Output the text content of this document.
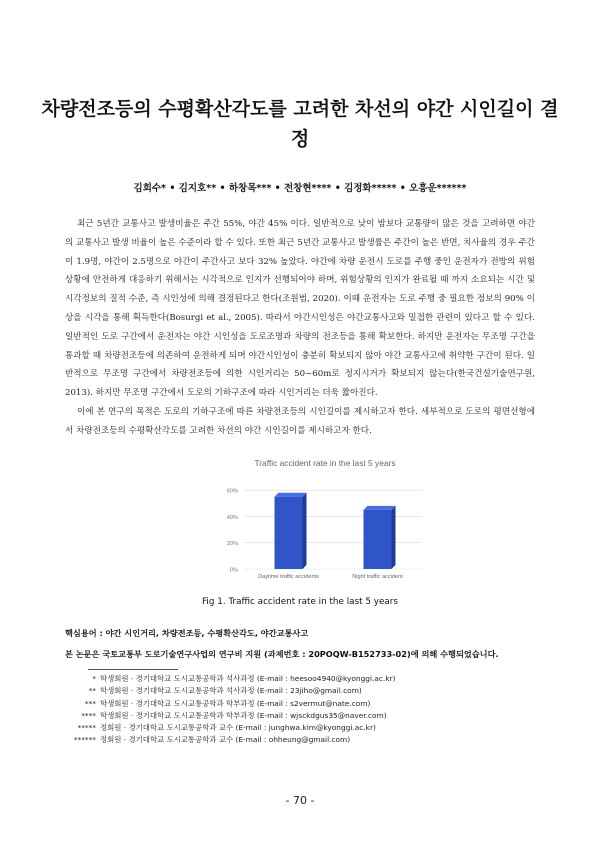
차량전조등의 수평확산각도를 고려한 차선의 야간 시인길이 결정
김희수* • 김지호** • 하창목*** • 전창현**** • 김정화***** • 오흥운******

최근 5년간 교통사고 발생비율은 주간 55%, 야간 45% 이다. 일반적으로 낮이 밤보다 교통량이 많은 것을 고려하면 야간의 교통사고 발생 비율이 높은 수준이라 할 수 있다. 또한 최근 5년간 교통사고 발생률은 주간이 높은 반면, 치사율의 경우 주간이 1.9명, 야간이 2.5명으로 야간이 주간사고 보다 32% 높았다. 야간에 차량 운전시 도로를 주행 중인 운전자가 전방의 위험상황에 안전하게 대응하기 위해서는 시각적으로 인지가 선행되어야 하며, 위험상황의 인지가 완료될 때 까지 소요되는 시간 및 시각정보의 질적 수준, 즉 시인성에 의해 결정된다고 한다(조원범, 2020). 이때 운전자는 도로 주행 중 필요한 정보의 90% 이상을 시각을 통해 획득한다(Bosurgi et al., 2005). 따라서 야간시인성은 야간교통사고와 밀접한 관련이 있다고 할 수 있다. 일반적인 도로 구간에서 운전자는 야간 시인성을 도로조명과 차량의 전조등을 통해 확보한다. 하지만 운전자는 무조명 구간을 통과할 때 차량전조등에 의존하여 운전하게 되며 야간시인성이 충분히 확보되지 않아 야간 교통사고에 취약한 구간이 된다. 일반적으로 무조명 구간에서 차량전조등에 의한 시인거리는 50~60m로 정지시거가 확보되지 않는다(한국건설기술연구원, 2013). 하지만 무조명 구간에서 도로의 기하구조에 따라 시인거리는 더욱 짧아진다.

이에 본 연구의 목적은 도로의 기하구조에 따른 차량전조등의 시인길이를 제시하고자 한다. 세부적으로 도로의 평면선형에서 차량전조등의 수평확산각도를 고려한 차선의 야간 시인길이를 제시하고자 한다.

Traffic accident rate in the last 5 years
0%
20%
40%
60%
Daytime traffic accidents	Night traffic accident
Fig 1. Traffic accident rate in the last 5 years
핵심용어 : 야간 시인거리, 차량전조등, 수평확산각도, 야간교통사고
본 논문은 국토교통부 도로기술연구사업의 연구비 지원 (과제번호 : 20POQW-B152733-02)에 의해 수행되었습니다.
* 학생회원 · 경기대학교 도시교통공학과 석사과정 (E-mail : heesoo4940@kyonggi.ac.kr)
** 학생회원 · 경기대학교 도시교통공학과 석사과정 (E-mail : 23jiho@gmail.com)
*** 학생회원 · 경기대학교 도시교통공학과 학부과정 (E-mail : s2vermut@nate.com)
**** 학생회원 · 경기대학교 도시교통공학과 학부과정 (E-mail : wjsckdgus35@naver.com)
***** 정회원 · 경기대학교 도시교통공학과 교수 (E-mail : junghwa.kim@kyonggi.ac.kr)
****** 정회원 · 경기대학교 도시교통공학과 교수 (E-mail : ohheung@gmail.com)
- 70 -
